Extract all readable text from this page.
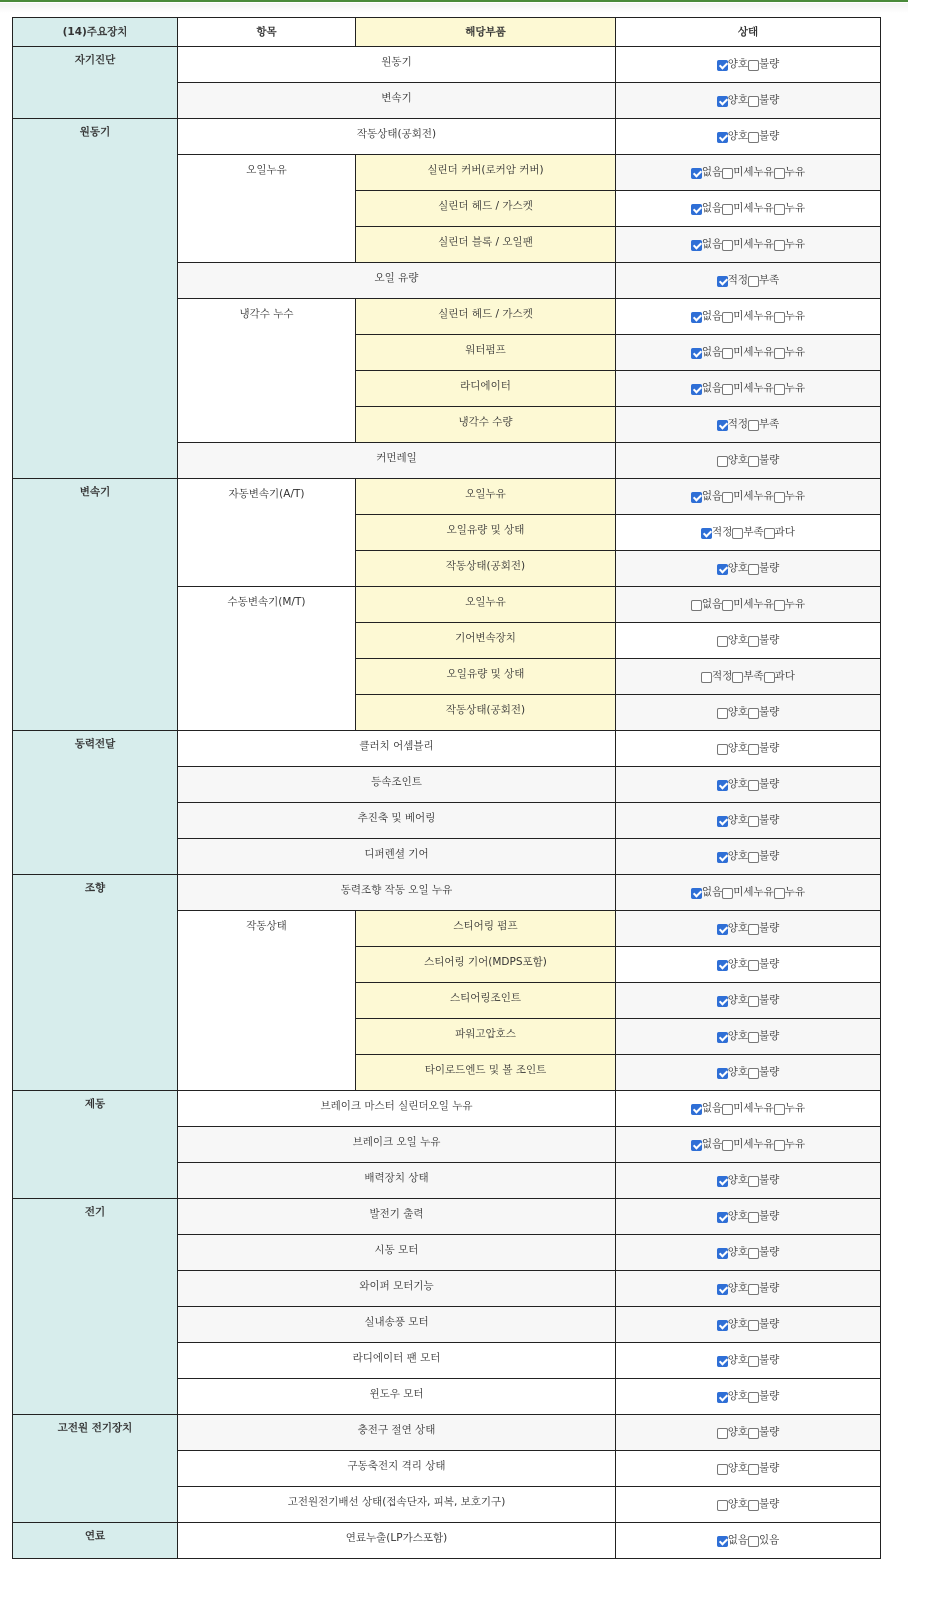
(14)주요장치	항목	해당부품	상태

자기진단	원동기		양호 불량

	변속기		양호 불량

원동기	작동상태(공회전)		양호 불량

	오일누유	실린더 커버(로커암 커버)	없음 미세누유 누유

		실린더 헤드 / 가스켓	없음 미세누유 누유

		실린더 블록 / 오일팬	없음 미세누유 누유

	오일 유량		적정 부족

	냉각수 누수	실린더 헤드 / 가스켓	없음 미세누유 누유

		워터펌프	없음 미세누유 누유

		라디에이터	없음 미세누유 누유

		냉각수 수량	적정 부족

	커먼레일		양호 불량

변속기	자동변속기(A/T)	오일누유	없음 미세누유 누유

		오일유량 및 상태	적정 부족 과다

		작동상태(공회전)	양호 불량

	수동변속기(M/T)	오일누유	없음 미세누유 누유

		기어변속장치	양호 불량

		오일유량 및 상태	적정 부족 과다

		작동상태(공회전)	양호 불량

동력전달	클러치 어셈블리		양호 불량

	등속조인트		양호 불량

	추진축 및 베어링		양호 불량

	디퍼렌셜 기어		양호 불량

조향	동력조향 작동 오일 누유		없음 미세누유 누유

	작동상태	스티어링 펌프	양호 불량

		스티어링 기어(MDPS포함)	양호 불량

		스티어링조인트	양호 불량

		파워고압호스	양호 불량

		타이로드엔드 및 볼 조인트	양호 불량

제동	브레이크 마스터 실린더오일 누유		없음 미세누유 누유

	브레이크 오일 누유		없음 미세누유 누유

	배력장치 상태		양호 불량

전기	발전기 출력		양호 불량

	시동 모터		양호 불량

	와이퍼 모터기능		양호 불량

	실내송풍 모터		양호 불량

	라디에이터 팬 모터		양호 불량

	윈도우 모터		양호 불량

고전원 전기장치	충전구 절연 상태		양호 불량

	구동축전지 격리 상태		양호 불량

	고전원전기배선 상태(접속단자, 피복, 보호기구)		양호 불량

연료	연료누출(LP가스포함)		없음 있음
